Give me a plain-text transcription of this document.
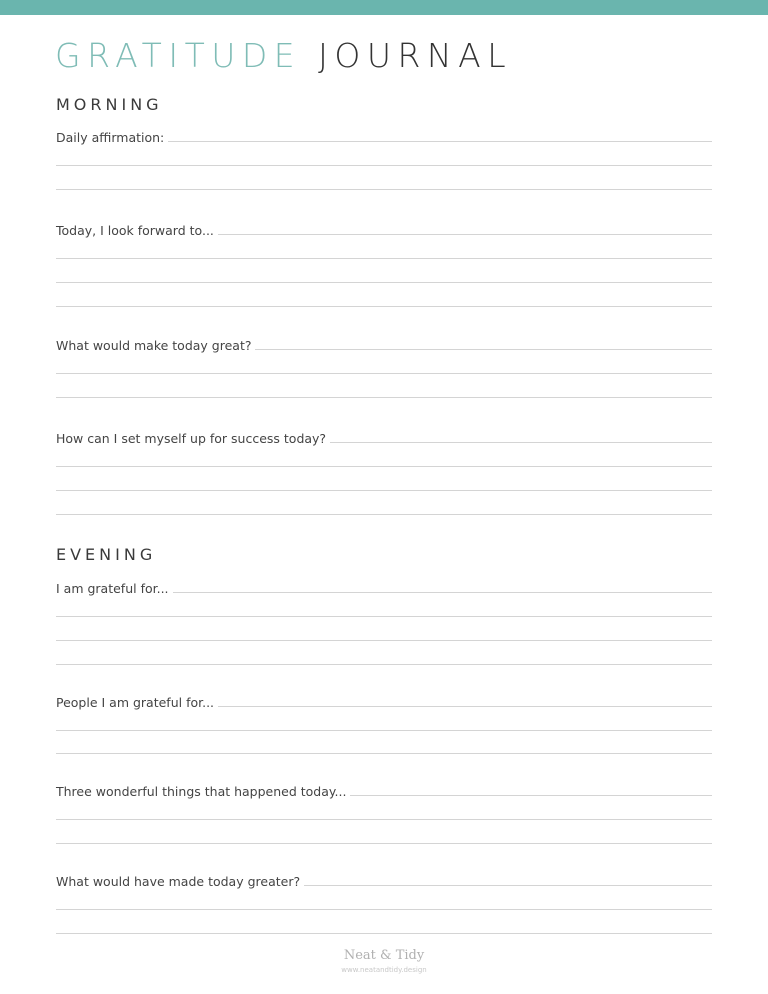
GRATITUDE JOURNAL
MORNING
Daily affirmation:
Today, I look forward to...
What would make today great?
How can I set myself up for success today?
EVENING
I am grateful for...
People I am grateful for...
Three wonderful things that happened today...
What would have made today greater?
Neat & Tidy
www.neatandtidy.design
